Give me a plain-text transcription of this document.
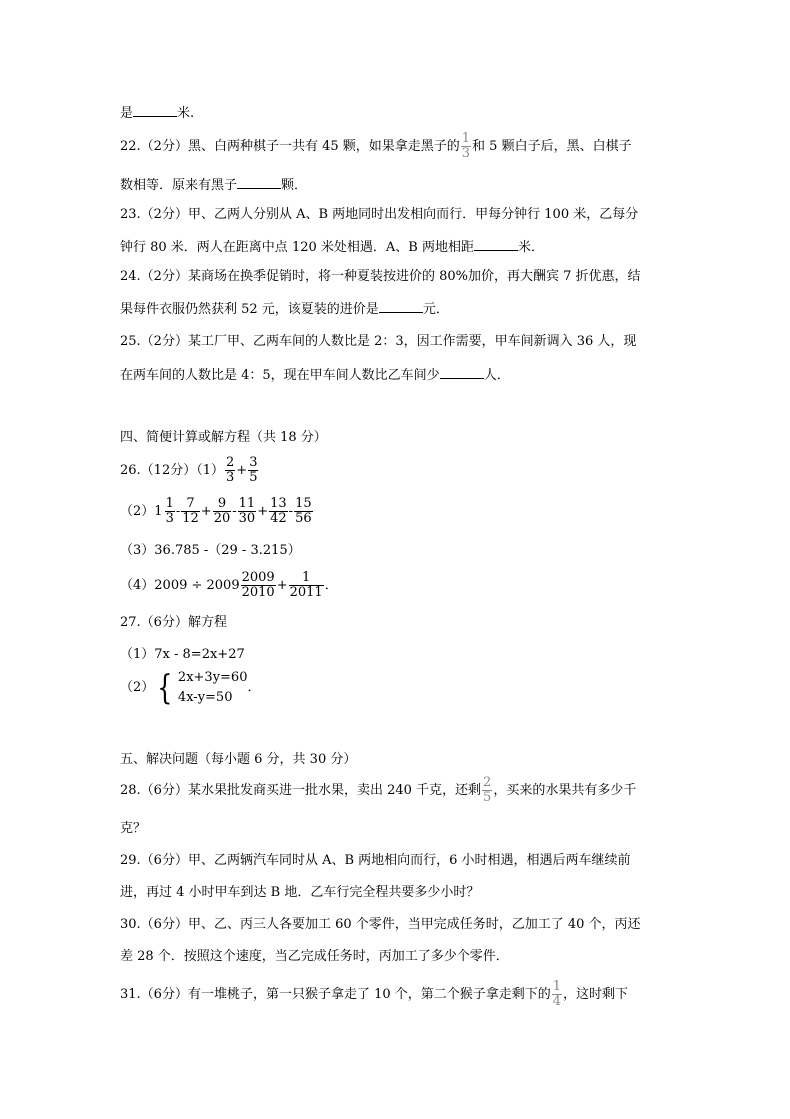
是	米.
22.（2分）黑、白两种棋子一共有 45 颗，如果拿走黑子的 $\frac{1}{3}$ 和 5 颗白子后，黑、白棋子
数相等．原来有黑子	颗．
23.（2分）甲、乙两人分别从 A、B 两地同时出发相向而行．甲每分钟行 100 米，乙每分
钟行 80 米．两人在距离中点 120 米处相遇．A、B 两地相距	米．
24.（2分）某商场在换季促销时，将一种夏装按进价的 80%加价，再大酬宾 7 折优惠，结
果每件衣服仍然获利 52 元，该夏装的进价是	元．
25.（2分）某工厂甲、乙两车间的人数比是 2：3，因工作需要，甲车间新调入 36 人，现
在两车间的人数比是 4：5，现在甲车间人数比乙车间少	人．
四、简便计算或解方程（共 18 分）
26.（12分）$(1) \frac{2}{3} + \frac{3}{5}$
（2） $1 \frac{1}{3} - \frac{7}{12} + \frac{9}{20} - \frac{11}{30} + \frac{13}{42} - \frac{15}{56}$
（3）36.785 -（29 - 3.215）
$(4)2009 \div 2009 \frac{2009}{2010} + \frac{1}{2011}$ ．
27.（6分）解方程
（1）7x - 8=2x+27
（2） { 2x+3y=60
4x-y=50
．
五、解决问题（每小题 6 分，共 30 分）
28.（6分）某水果批发商买进一批水果，卖出 240 千克，还剩 $\frac{2}{5}$ ，买来的水果共有多少千
克？
29.（6分）甲、乙两辆汽车同时从 A、B 两地相向而行，6 小时相遇，相遇后两车继续前
进，再过 4 小时甲车到达 B 地．乙车行完全程共要多少小时？
30.（6分）甲、乙、丙三人各要加工 60 个零件，当甲完成任务时，乙加工了 40 个，丙还
差 28 个．按照这个速度，当乙完成任务时，丙加工了多少个零件．
31.（6分）有一堆桃子，第一只猴子拿走了 10 个，第二个猴子拿走剩下的 $\frac{1}{4}$ ，这时剩下
